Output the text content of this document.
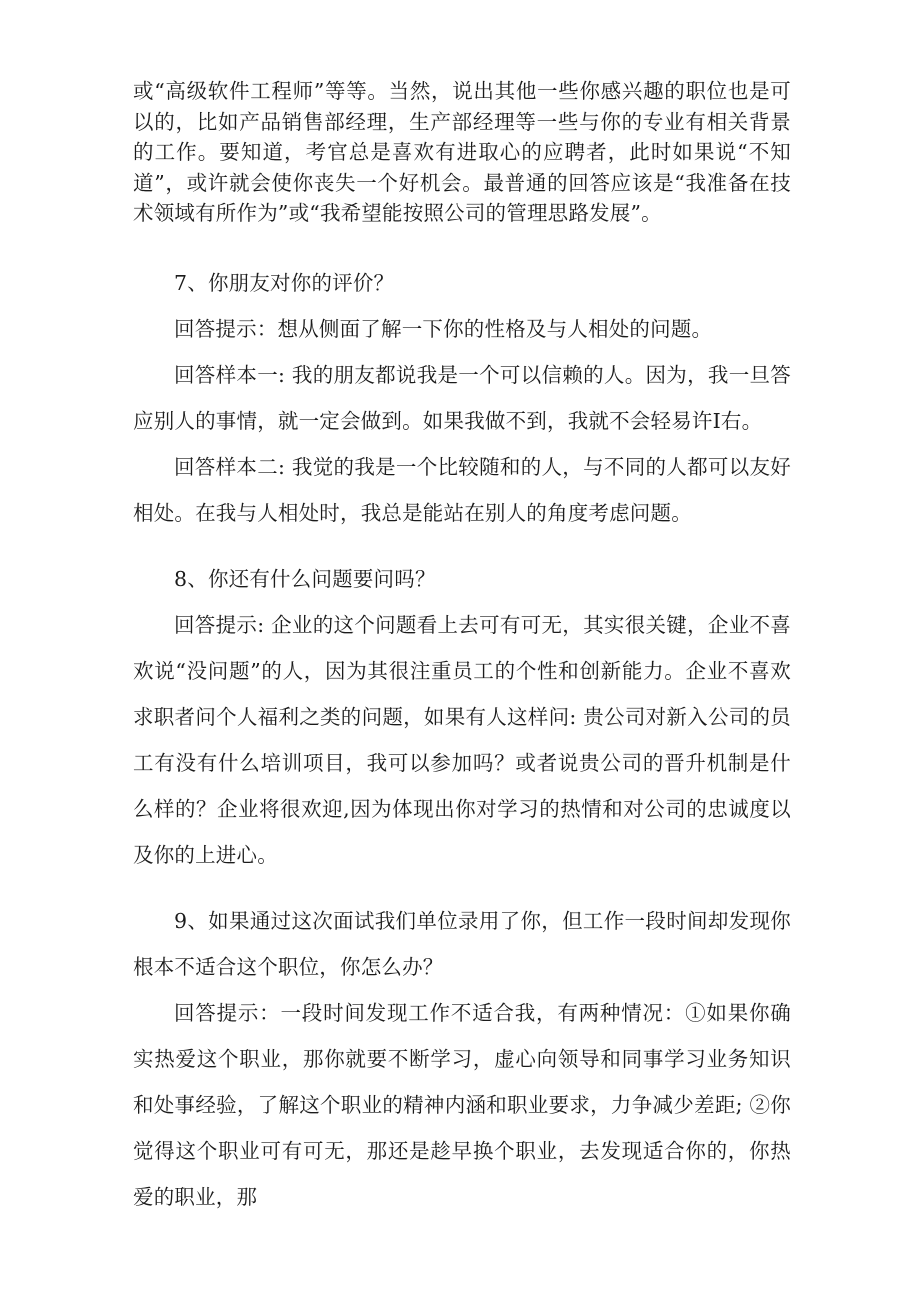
或“高级软件工程师”等等。当然，说出其他一些你感兴趣的职位也是可以的，比如产品销售部经理，生产部经理等一些与你的专业有相关背景的工作。要知道，考官总是喜欢有进取心的应聘者，此时如果说“不知道”，或许就会使你丧失一个好机会。最普通的回答应该是“我准备在技术领域有所作为”或“我希望能按照公司的管理思路发展”。

7、你朋友对你的评价？

回答提示：想从侧面了解一下你的性格及与人相处的问题。

回答样本一: 我的朋友都说我是一个可以信赖的人。因为，我一旦答应别人的事情，就一定会做到。如果我做不到，我就不会轻易许Ⅰ右。

回答样本二: 我觉的我是一个比较随和的人，与不同的人都可以友好相处。在我与人相处时，我总是能站在别人的角度考虑问题。

8、你还有什么问题要问吗？

回答提示: 企业的这个问题看上去可有可无，其实很关键，企业不喜欢说“没问题”的人，因为其很注重员工的个性和创新能力。企业不喜欢求职者问个人福利之类的问题，如果有人这样问: 贵公司对新入公司的员工有没有什么培训项目，我可以参加吗？或者说贵公司的晋升机制是什么样的？企业将很欢迎,因为体现出你对学习的热情和对公司的忠诚度以及你的上进心。

9、如果通过这次面试我们单位录用了你，但工作一段时间却发现你根本不适合这个职位，你怎么办？

回答提示：一段时间发现工作不适合我，有两种情况：①如果你确实热爱这个职业，那你就要不断学习，虚心向领导和同事学习业务知识和处事经验，了解这个职业的精神内涵和职业要求，力争减少差距; ②你觉得这个职业可有可无，那还是趁早换个职业，去发现适合你的，你热爱的职业，那
